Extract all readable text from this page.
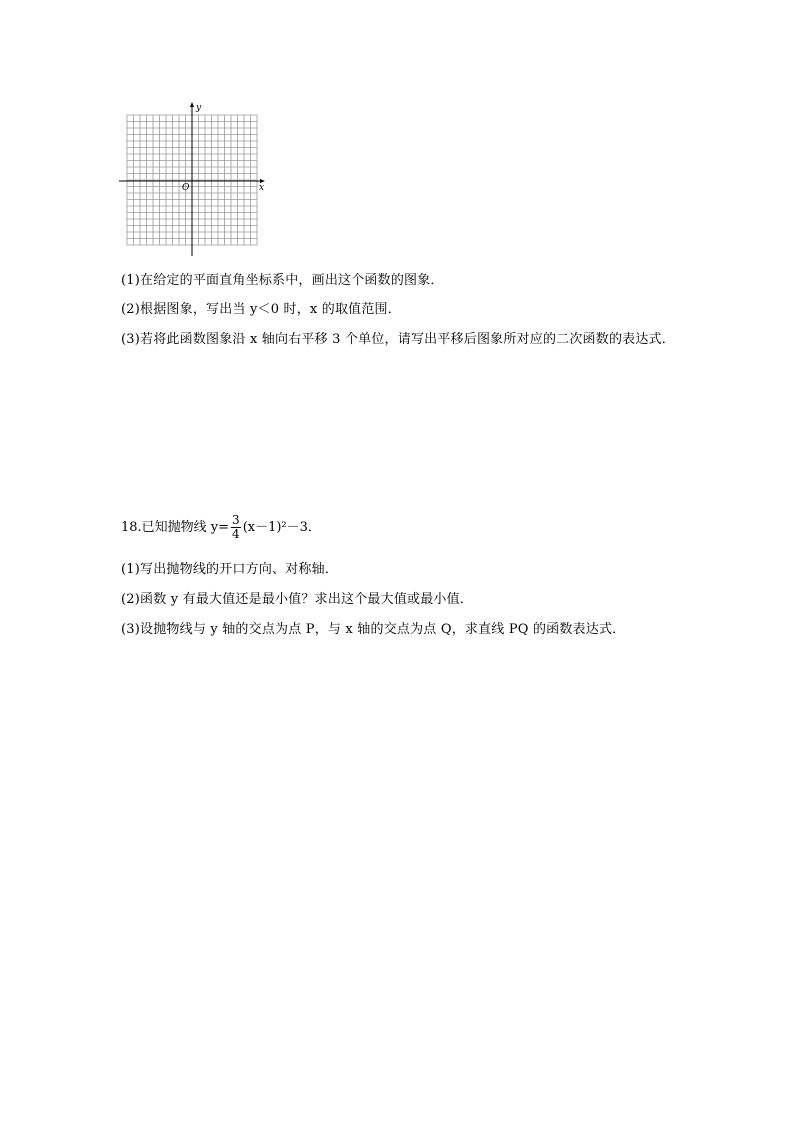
y
x
O
(1)在给定的平面直角坐标系中，画出这个函数的图象．
(2)根据图象，写出当 y＜0 时，x 的取值范围．
(3)若将此函数图象沿 x 轴向右平移 3 个单位，请写出平移后图象所对应的二次函数的表达式．
18.已知抛物线 $y= \frac{3}{4} (x-1)^2-3$．
(1)写出抛物线的开口方向、对称轴．
(2)函数 y 有最大值还是最小值？求出这个最大值或最小值．
(3)设抛物线与 y 轴的交点为点 P，与 x 轴的交点为点 Q，求直线 PQ 的函数表达式．
